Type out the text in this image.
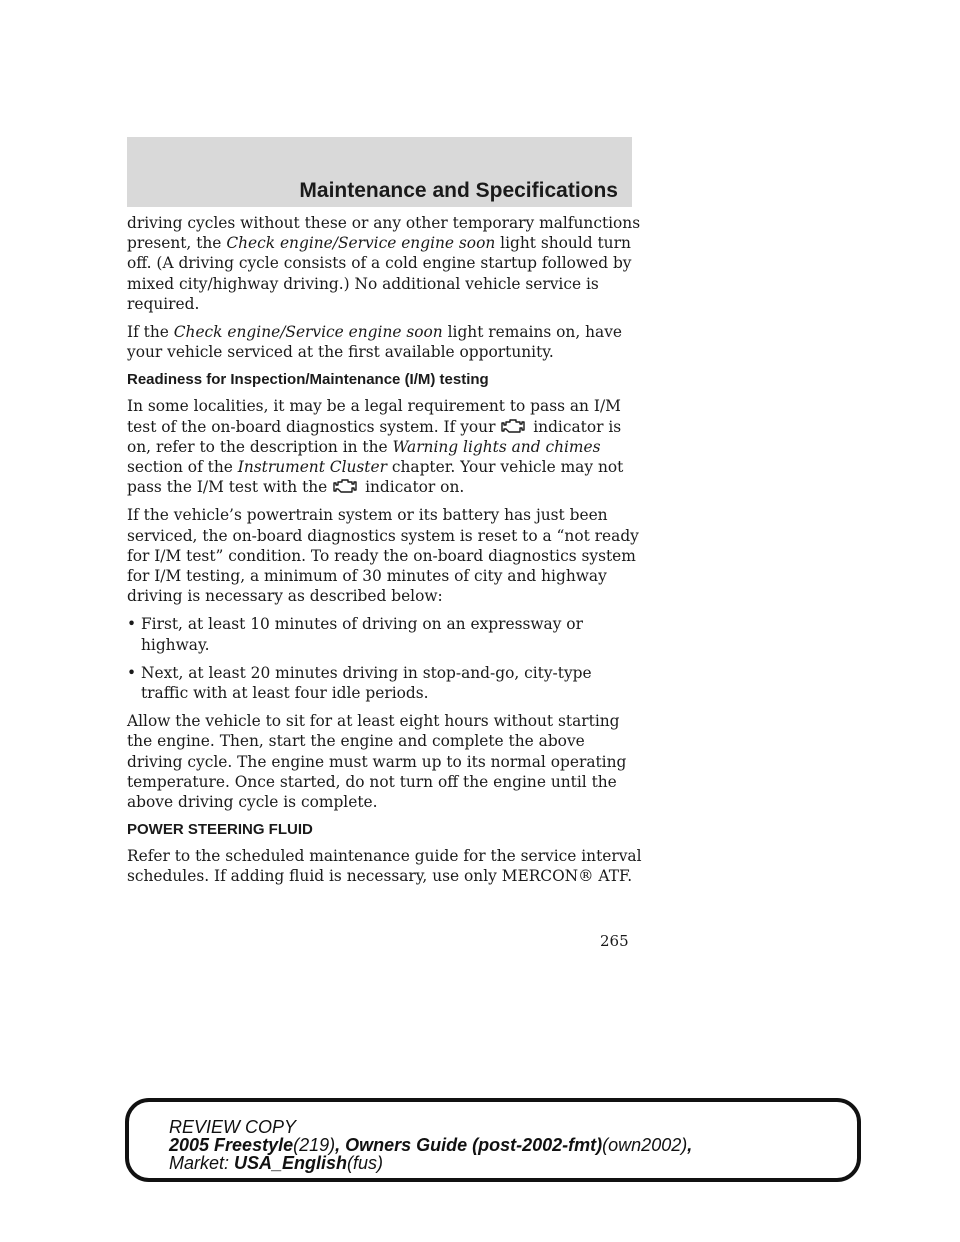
Maintenance and Specifications

driving cycles without these or any other temporary malfunctions present, the Check engine/Service engine soon light should turn off. (A driving cycle consists of a cold engine startup followed by mixed city/highway driving.) No additional vehicle service is required.

If the Check engine/Service engine soon light remains on, have your vehicle serviced at the first available opportunity.

Readiness for Inspection/Maintenance (I/M) testing

In some localities, it may be a legal requirement to pass an I/M test of the on-board diagnostics system. If your
indicator is on, refer to the description in the Warning lights and chimes section of the Instrument Cluster chapter. Your vehicle may not pass the I/M test with the
indicator on.

If the vehicle’s powertrain system or its battery has just been serviced, the on-board diagnostics system is reset to a “not ready for I/M test” condition. To ready the on-board diagnostics system for I/M testing, a minimum of 30 minutes of city and highway driving is necessary as described below:

• First, at least 10 minutes of driving on an expressway or highway.
• Next, at least 20 minutes driving in stop-and-go, city-type traffic with at least four idle periods.

Allow the vehicle to sit for at least eight hours without starting the engine. Then, start the engine and complete the above driving cycle. The engine must warm up to its normal operating temperature. Once started, do not turn off the engine until the above driving cycle is complete.

POWER STEERING FLUID

Refer to the scheduled maintenance guide for the service interval schedules. If adding fluid is necessary, use only MERCON® ATF.

265

REVIEW COPY
2005 Freestyle(219), Owners Guide (post-2002-fmt)(own2002),
Market: USA_English(fus)
